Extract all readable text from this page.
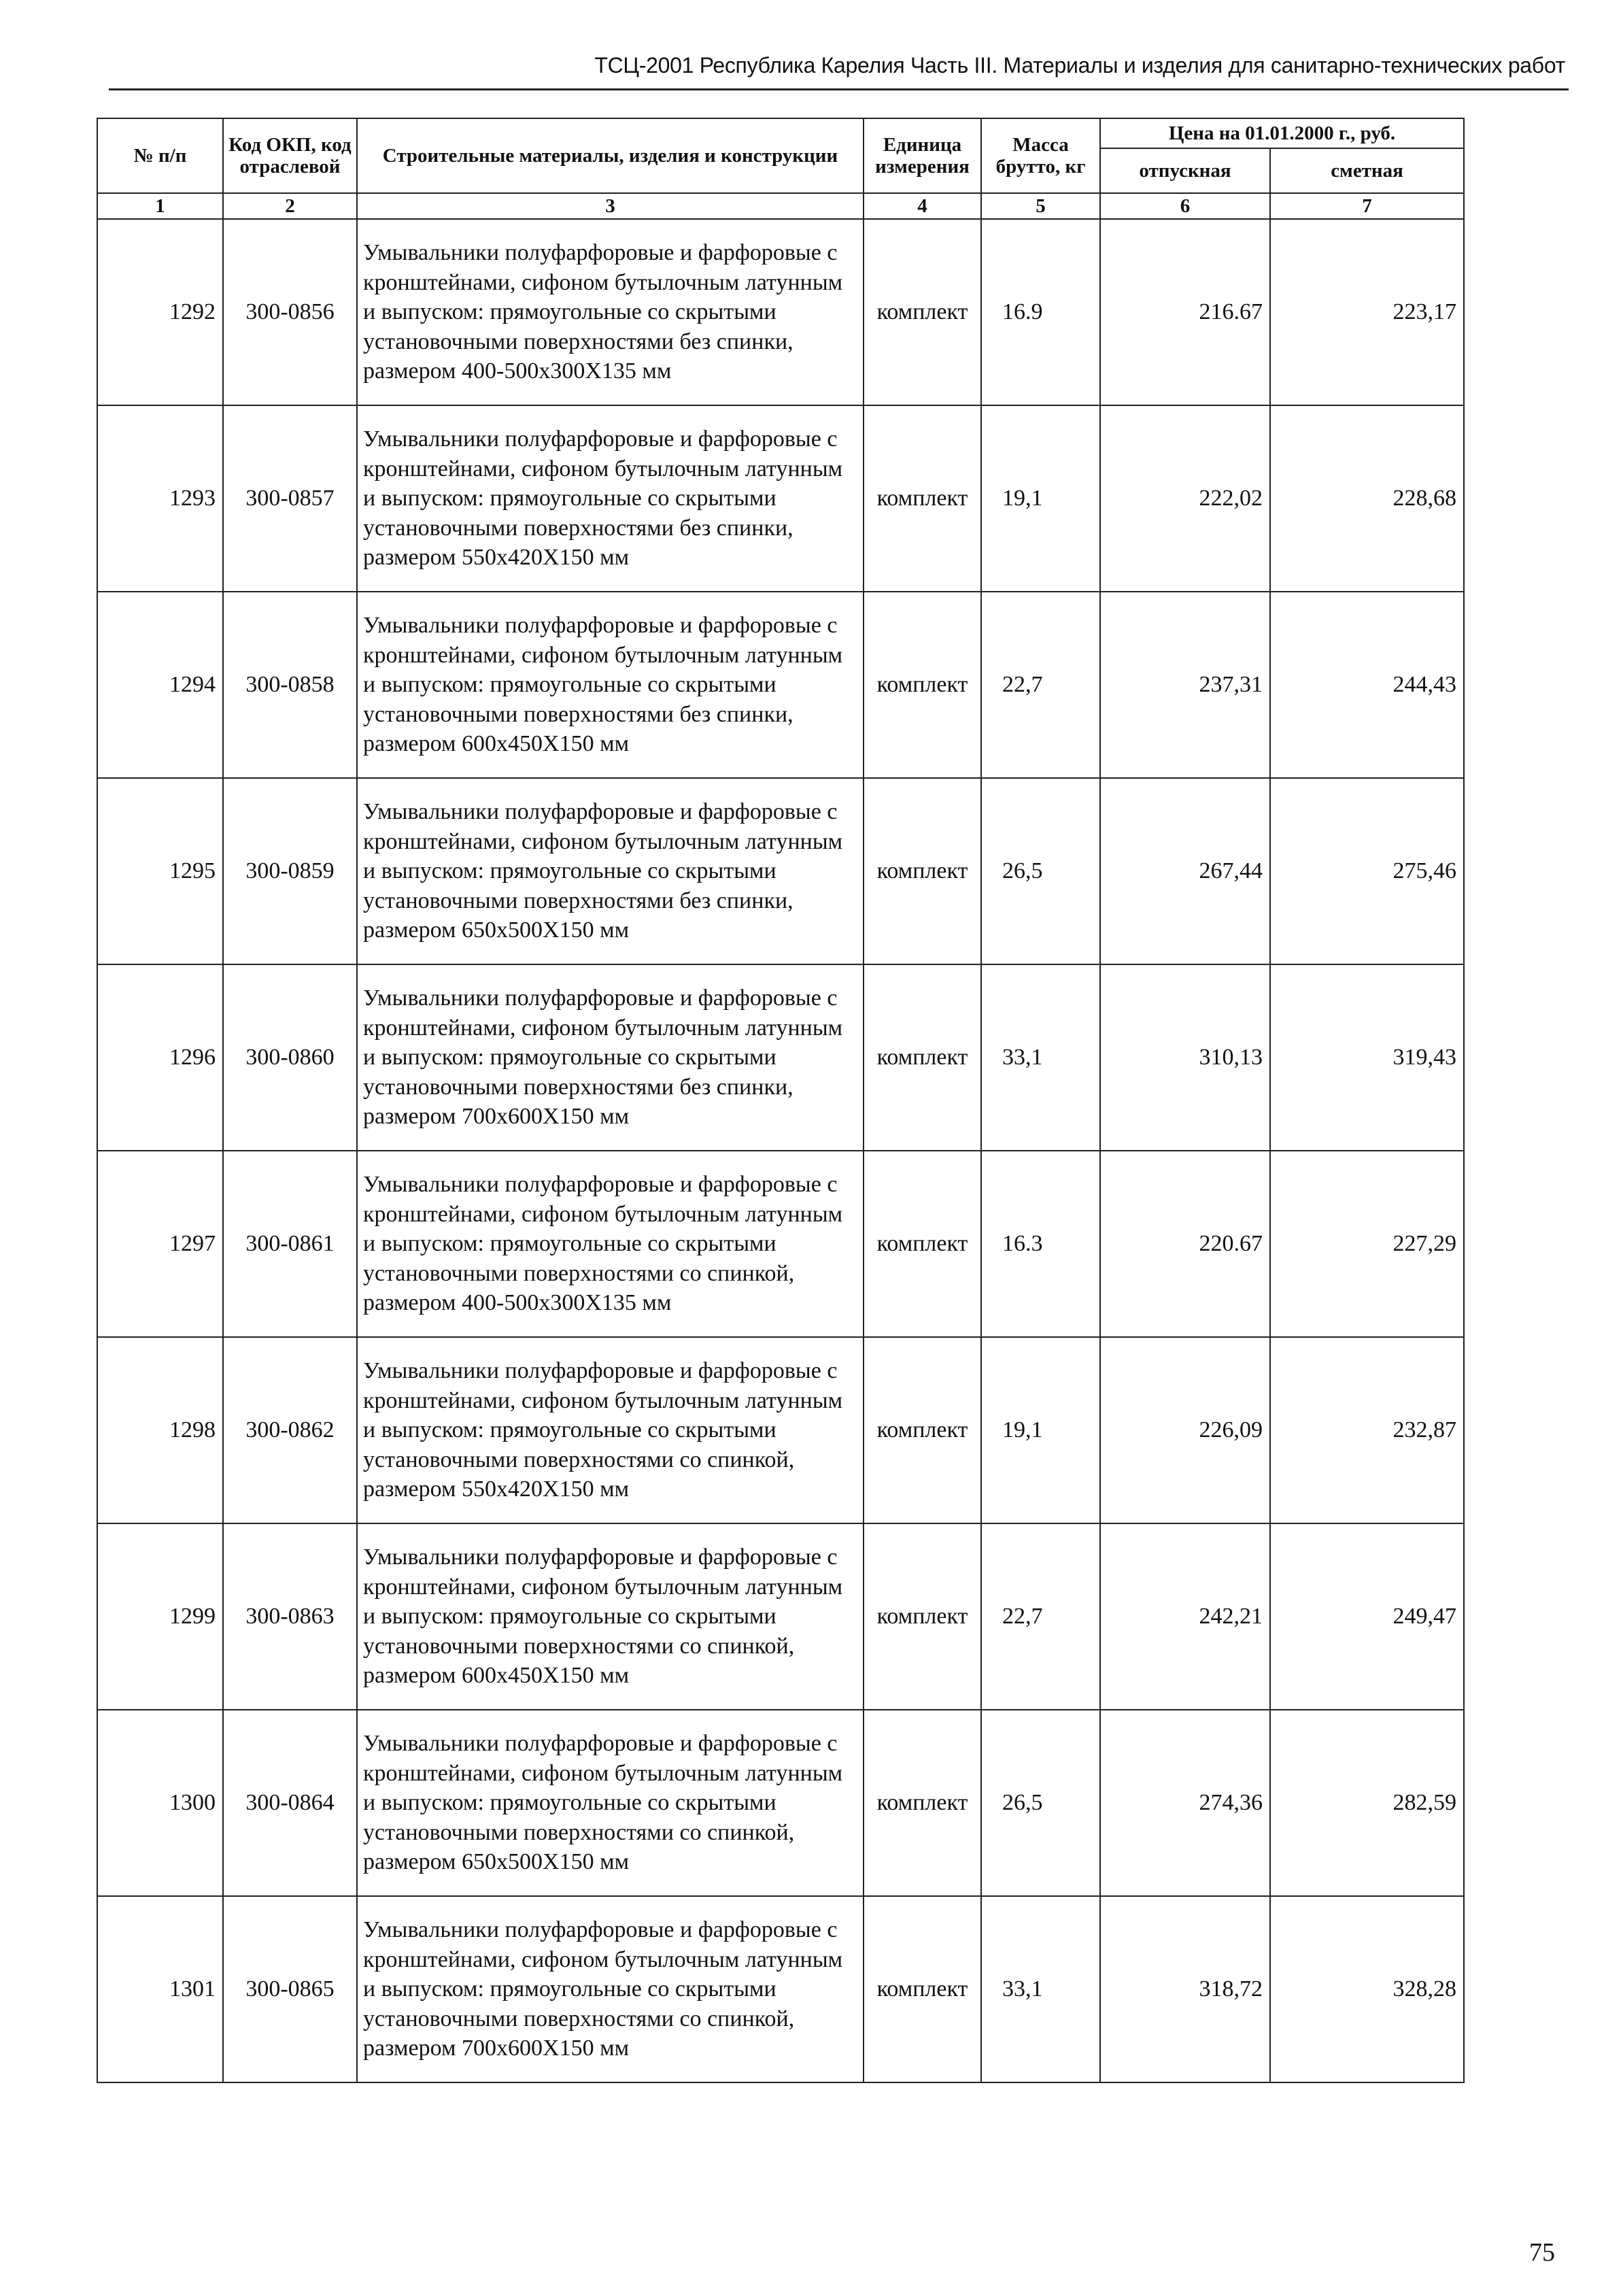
ТСЦ-2001 Республика Карелия Часть III. Материалы и изделия для санитарно-технических работ
№ п/п	Код ОКП, код отраслевой	Строительные материалы, изделия и конструкции	Единица измерения	Масса брутто, кг	Цена на 01.01.2000 г., руб.	
					отпускная	сметная
1	2	3	4	5	6	7
1292	300-0856	Умывальники полуфарфоровые и фарфоровые с кронштейнами, сифоном бутылочным латунным и выпуском: прямоугольные со скрытыми установочными поверхностями без спинки, размером 400-500х300Х135 мм	комплект	16.9	216.67	223,17
1293	300-0857	Умывальники полуфарфоровые и фарфоровые с кронштейнами, сифоном бутылочным латунным и выпуском: прямоугольные со скрытыми установочными поверхностями без спинки, размером 550х420Х150 мм	комплект	19,1	222,02	228,68
1294	300-0858	Умывальники полуфарфоровые и фарфоровые с кронштейнами, сифоном бутылочным латунным и выпуском: прямоугольные со скрытыми установочными поверхностями без спинки, размером 600х450Х150 мм	комплект	22,7	237,31	244,43
1295	300-0859	Умывальники полуфарфоровые и фарфоровые с кронштейнами, сифоном бутылочным латунным и выпуском: прямоугольные со скрытыми установочными поверхностями без спинки, размером 650х500Х150 мм	комплект	26,5	267,44	275,46
1296	300-0860	Умывальники полуфарфоровые и фарфоровые с кронштейнами, сифоном бутылочным латунным и выпуском: прямоугольные со скрытыми установочными поверхностями без спинки, размером 700х600Х150 мм	комплект	33,1	310,13	319,43
1297	300-0861	Умывальники полуфарфоровые и фарфоровые с кронштейнами, сифоном бутылочным латунным и выпуском: прямоугольные со скрытыми установочными поверхностями со спинкой, размером 400-500х300Х135 мм	комплект	16.3	220.67	227,29
1298	300-0862	Умывальники полуфарфоровые и фарфоровые с кронштейнами, сифоном бутылочным латунным и выпуском: прямоугольные со скрытыми установочными поверхностями со спинкой, размером 550х420Х150 мм	комплект	19,1	226,09	232,87
1299	300-0863	Умывальники полуфарфоровые и фарфоровые с кронштейнами, сифоном бутылочным латунным и выпуском: прямоугольные со скрытыми установочными поверхностями со спинкой, размером 600х450Х150 мм	комплект	22,7	242,21	249,47
1300	300-0864	Умывальники полуфарфоровые и фарфоровые с кронштейнами, сифоном бутылочным латунным и выпуском: прямоугольные со скрытыми установочными поверхностями со спинкой, размером 650х500Х150 мм	комплект	26,5	274,36	282,59
1301	300-0865	Умывальники полуфарфоровые и фарфоровые с кронштейнами, сифоном бутылочным латунным и выпуском: прямоугольные со скрытыми установочными поверхностями со спинкой, размером 700х600Х150 мм	комплект	33,1	318,72	328,28
75
